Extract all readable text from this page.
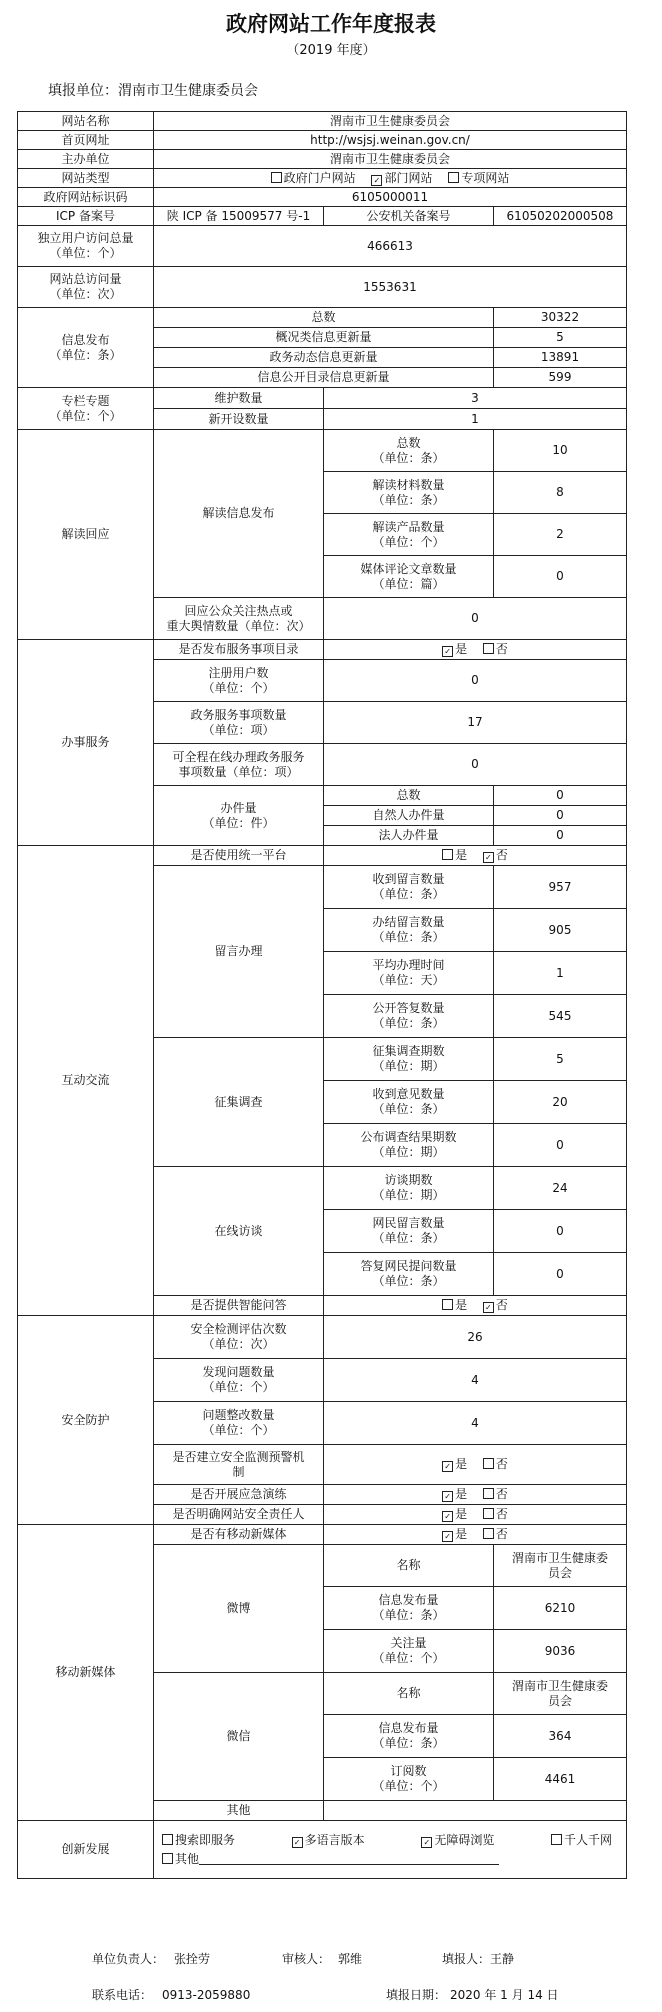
政府网站工作年度报表
（2019 年度）
填报单位：渭南市卫生健康委员会
网站名称	渭南市卫生健康委员会		
首页网址	http://wsjsj.weinan.gov.cn/		
主办单位	渭南市卫生健康委员会		
网站类型	政府门户网站 ✓ 部门网站 专项网站		
政府网站标识码	6105000011		
ICP 备案号	陕 ICP 备 15009577 号-1	公安机关备案号	61050202000508

独立用户访问总量
（单位：个）	466613		

网站总访问量
（单位：次）	1553631		

信息发布
（单位：条）	总数		30322
	概况类信息更新量		5
	政务动态信息更新量		13891
	信息公开目录信息更新量		599

专栏专题
（单位：个）	维护数量	3	
	新开设数量	1	
解读回应	解读信息发布	总数
（单位：条）	10

		解读材料数量
（单位：条）	8

		解读产品数量
（单位：个）	2

		媒体评论文章数量
（单位：篇）	0

	回应公众关注热点或
重大舆情数量（单位：次）	0	
办事服务	是否发布服务事项目录	✓ 是 否	

	注册用户数
（单位：个）	0	

	政务服务事项数量
（单位：项）	17	

	可全程在线办理政务服务
事项数量（单位：项）	0	

	办件量
（单位：件）	总数	0
		自然人办件量	0
		法人办件量	0
互动交流	是否使用统一平台	是 ✓ 否	
	留言办理	收到留言数量
（单位：条）	957

		办结留言数量
（单位：条）	905

		平均办理时间
（单位：天）	1

		公开答复数量
（单位：条）	545
	征集调查	征集调查期数
（单位：期）	5

		收到意见数量
（单位：条）	20

		公布调查结果期数
（单位：期）	0
	在线访谈	访谈期数
（单位：期）	24

		网民留言数量
（单位：条）	0

		答复网民提问数量
（单位：条）	0
	是否提供智能问答	是 ✓ 否	
安全防护	安全检测评估次数
（单位：次）	26	

	发现问题数量
（单位：个）	4	

	问题整改数量
（单位：个）	4	

	是否建立安全监测预警机
制	✓ 是 否	
	是否开展应急演练	✓ 是 否	
	是否明确网站安全责任人	✓ 是 否	
移动新媒体	是否有移动新媒体	✓ 是 否	
	微博	名称	渭南市卫生健康委
员会

		信息发布量
（单位：条）	6210

		关注量
（单位：个）	9036
	微信	名称	渭南市卫生健康委
员会

		信息发布量
（单位：条）	364

		订阅数
（单位：个）	4461
	其他		
创新发展	搜索即服务 ✓ 多语言版本 ✓ 无障碍浏览 千人千网
其他		
单位负责人： 张拴劳	审核人： 郭维	填报人：王静
联系电话： 0913-2059880	填报日期： 2020 年 1 月 14 日
